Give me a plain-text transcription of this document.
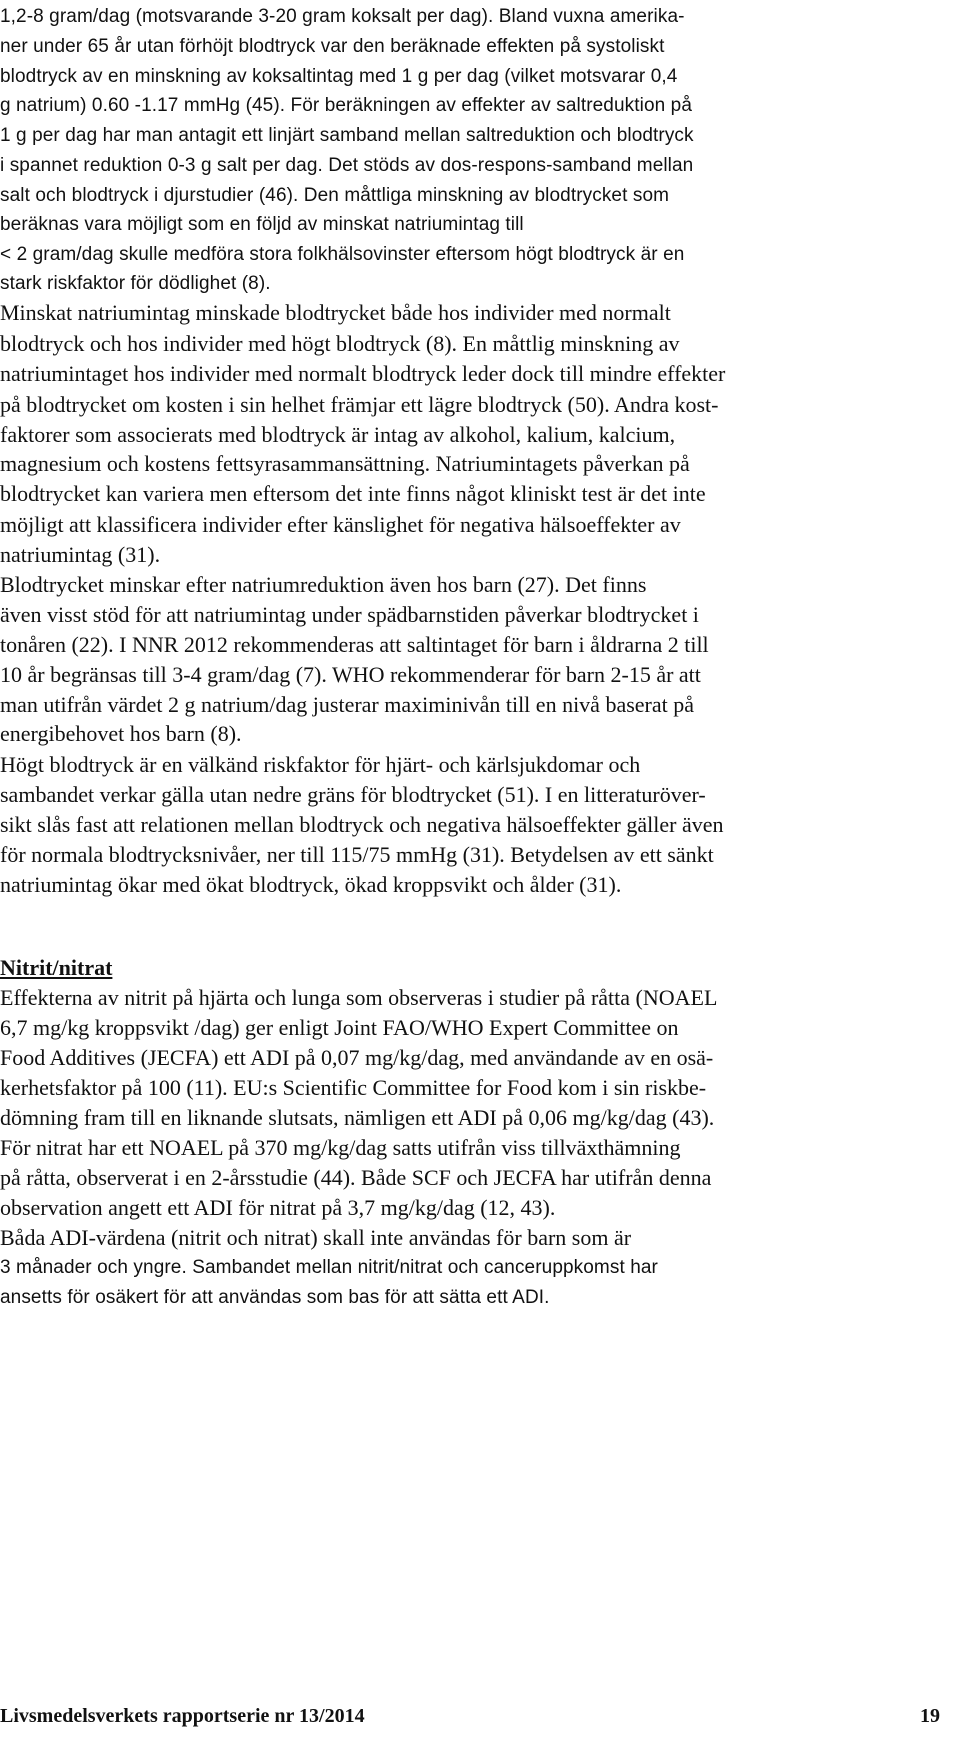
1,2-8 gram/dag (motsvarande 3-20 gram koksalt per dag). Bland vuxna amerika-
ner under 65 år utan förhöjt blodtryck var den beräknade effekten på systoliskt
blodtryck av en minskning av koksaltintag med 1 g per dag (vilket motsvarar 0,4
g natrium) 0.60 -1.17 mmHg (45). För beräkningen av effekter av saltreduktion på
1 g per dag har man antagit ett linjärt samband mellan saltreduktion och blodtryck
i spannet reduktion 0-3 g salt per dag. Det stöds av dos-respons-samband mellan
salt och blodtryck i djurstudier (46). Den måttliga minskning av blodtrycket som
beräknas vara möjligt som en följd av minskat natriumintag till
< 2 gram/dag skulle medföra stora folkhälsovinster eftersom högt blodtryck är en
stark riskfaktor för dödlighet (8).
Minskat natriumintag minskade blodtrycket både hos individer med normalt
blodtryck och hos individer med högt blodtryck (8). En måttlig minskning av
natriumintaget hos individer med normalt blodtryck leder dock till mindre effekter
på blodtrycket om kosten i sin helhet främjar ett lägre blodtryck (50). Andra kost-
faktorer som associerats med blodtryck är intag av alkohol, kalium, kalcium,
magnesium och kostens fettsyrasammansättning. Natriumintagets påverkan på
blodtrycket kan variera men eftersom det inte finns något kliniskt test är det inte
möjligt att klassificera individer efter känslighet för negativa hälsoeffekter av
natriumintag (31).
Blodtrycket minskar efter natriumreduktion även hos barn (27). Det finns
även visst stöd för att natriumintag under spädbarnstiden påverkar blodtrycket i
tonåren (22). I NNR 2012 rekommenderas att saltintaget för barn i åldrarna 2 till
10 år begränsas till 3-4 gram/dag (7). WHO rekommenderar för barn 2-15 år att
man utifrån värdet 2 g natrium/dag justerar maximinivån till en nivå baserat på
energibehovet hos barn (8).
Högt blodtryck är en välkänd riskfaktor för hjärt- och kärlsjukdomar och
sambandet verkar gälla utan nedre gräns för blodtrycket (51). I en litteraturöver-
sikt slås fast att relationen mellan blodtryck och negativa hälsoeffekter gäller även
för normala blodtrycksnivåer, ner till 115/75 mmHg (31). Betydelsen av ett sänkt
natriumintag ökar med ökat blodtryck, ökad kroppsvikt och ålder (31).
Nitrit/nitrat
Effekterna av nitrit på hjärta och lunga som observeras i studier på råtta (NOAEL
6,7 mg/kg kroppsvikt /dag) ger enligt Joint FAO/WHO Expert Committee on
Food Additives (JECFA) ett ADI på 0,07 mg/kg/dag, med användande av en osä-
kerhetsfaktor på 100 (11). EU:s Scientific Committee for Food kom i sin riskbe-
dömning fram till en liknande slutsats, nämligen ett ADI på 0,06 mg/kg/dag (43).
För nitrat har ett NOAEL på 370 mg/kg/dag satts utifrån viss tillväxthämning
på råtta, observerat i en 2-årsstudie (44). Både SCF och JECFA har utifrån denna
observation angett ett ADI för nitrat på 3,7 mg/kg/dag (12, 43).
Båda ADI-värdena (nitrit och nitrat) skall inte användas för barn som är
3 månader och yngre. Sambandet mellan nitrit/nitrat och canceruppkomst har
ansetts för osäkert för att användas som bas för att sätta ett ADI.
Livsmedelsverkets rapportserie nr 13/2014	19
